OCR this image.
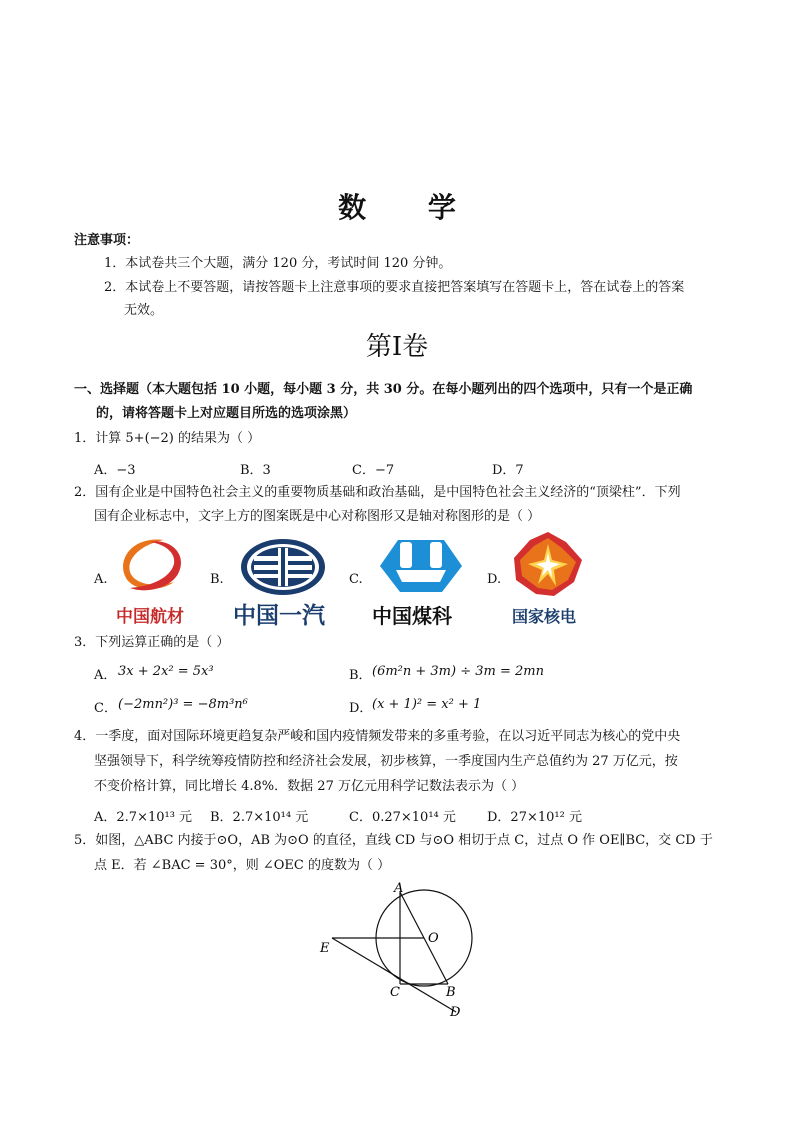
数 学
注意事项：
1．本试卷共三个大题，满分 120 分，考试时间 120 分钟。
2．本试卷上不要答题，请按答题卡上注意事项的要求直接把答案填写在答题卡上，答在试卷上的答案
无效。
第I卷
一、选择题（本大题包括 10 小题，每小题 3 分，共 30 分。在每小题列出的四个选项中，只有一个是正确
的，请将答题卡上对应题目所选的选项涂黑）
1．计算 5+(−2) 的结果为（ ）
A．−3	B．3	C．−7	D．7
2．国有企业是中国特色社会主义的重要物质基础和政治基础，是中国特色社会主义经济的“顶梁柱”．下列
国有企业标志中，文字上方的图案既是中心对称图形又是轴对称图形的是（ ）
A.	B.	C.	D.
中国航材 中国一汽 中国煤科	国家核电
3．下列运算正确的是（ ）
A． 3x + 2x² = 5x³	B． (6m²n + 3m) ÷ 3m = 2mn
C． (−2mn²)³ = −8m³n⁶	D． (x + 1)² = x² + 1
4．一季度，面对国际环境更趋复杂严峻和国内疫情频发带来的多重考验，在以习近平同志为核心的党中央
坚强领导下，科学统筹疫情防控和经济社会发展，初步核算，一季度国内生产总值约为 27 万亿元，按
不变价格计算，同比增长 4.8%．数据 27 万亿元用科学记数法表示为（ ）
A．2.7×10¹³ 元 B．2.7×10¹⁴ 元	C．0.27×10¹⁴ 元 D．27×10¹² 元
5．如图，△ABC 内接于⊙O，AB 为⊙O 的直径，直线 CD 与⊙O 相切于点 C，过点 O 作 OE∥BC，交 CD 于
点 E．若 ∠BAC = 30°，则 ∠OEC 的度数为（ ）
A
O
E
C	B
D
